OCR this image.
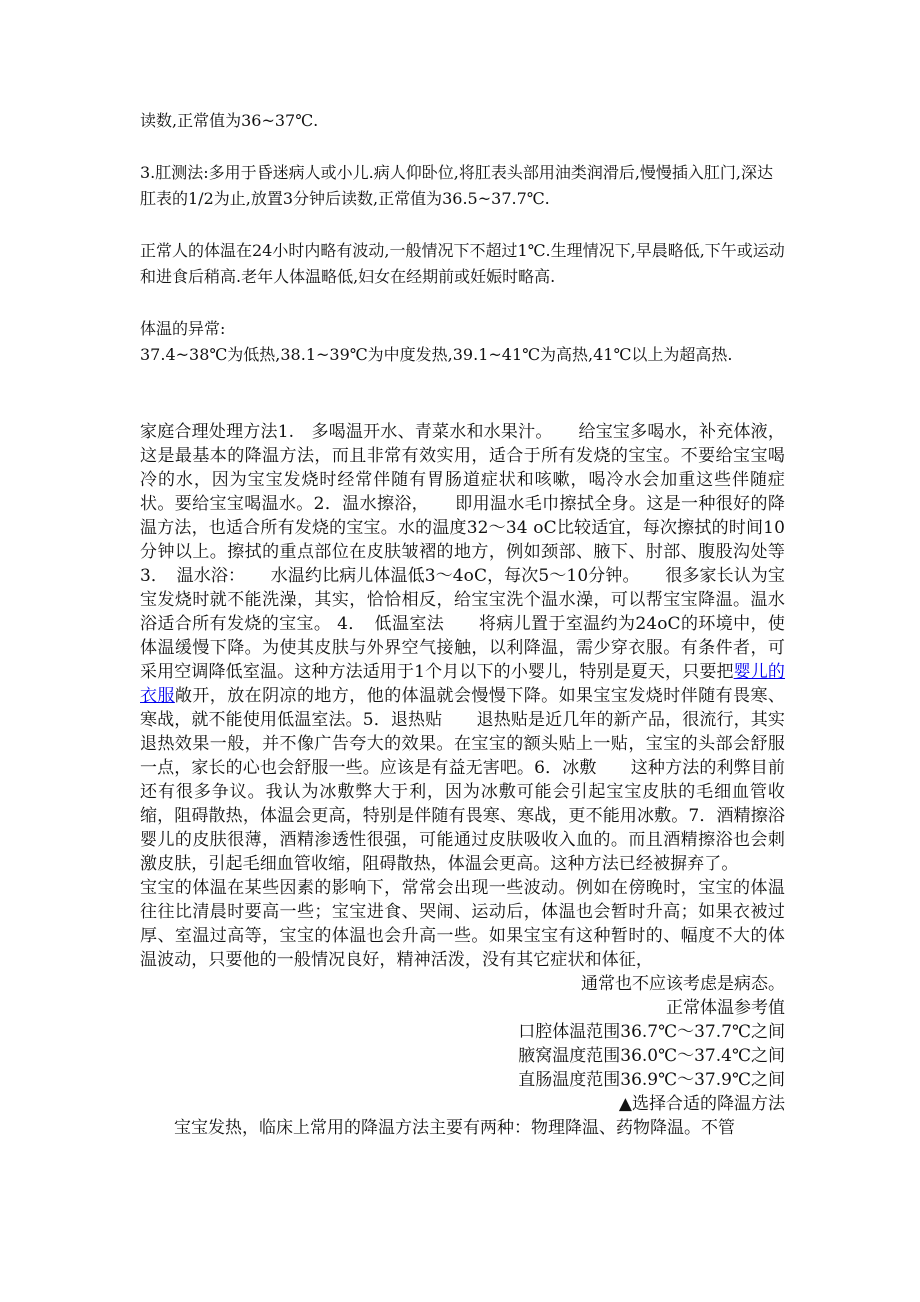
读数,正常值为36~37℃.

3.肛测法:多用于昏迷病人或小儿.病人仰卧位,将肛表头部用油类润滑后,慢慢插入肛门,深达肛表的1/2为止,放置3分钟后读数,正常值为36.5~37.7℃.

正常人的体温在24小时内略有波动,一般情况下不超过1℃.生理情况下,早晨略低,下午或运动和进食后稍高.老年人体温略低,妇女在经期前或妊娠时略高.

体温的异常:

37.4~38℃为低热,38.1~39℃为中度发热,39.1~41℃为高热,41℃以上为超高热.

家庭合理处理方法1.　多喝温开水、青菜水和水果汁。　　给宝宝多喝水，补充体液，这是最基本的降温方法，而且非常有效实用，适合于所有发烧的宝宝。不要给宝宝喝冷的水，因为宝宝发烧时经常伴随有胃肠道症状和咳嗽，喝冷水会加重这些伴随症状。要给宝宝喝温水。2．温水擦浴，　　即用温水毛巾擦拭全身。这是一种很好的降温方法，也适合所有发烧的宝宝。水的温度32～34 oC比较适宜，每次擦拭的时间10分钟以上。擦拭的重点部位在皮肤皱褶的地方，例如颈部、腋下、肘部、腹股沟处等 3．　温水浴：　　水温约比病儿体温低3～4oC，每次5～10分钟。　　很多家长认为宝宝发烧时就不能洗澡，其实，恰恰相反，给宝宝洗个温水澡，可以帮宝宝降温。温水浴适合所有发烧的宝宝。 4．　低温室法　　将病儿置于室温约为24oC的环境中，使体温缓慢下降。为使其皮肤与外界空气接触，以利降温，需少穿衣服。有条件者，可采用空调降低室温。这种方法适用于1个月以下的小婴儿，特别是夏天，只要把婴儿的衣服敞开，放在阴凉的地方，他的体温就会慢慢下降。如果宝宝发烧时伴随有畏寒、寒战，就不能使用低温室法。5．退热贴　　退热贴是近几年的新产品，很流行，其实退热效果一般，并不像广告夸大的效果。在宝宝的额头贴上一贴，宝宝的头部会舒服一点，家长的心也会舒服一些。应该是有益无害吧。6．冰敷　　这种方法的利弊目前还有很多争议。我认为冰敷弊大于利，因为冰敷可能会引起宝宝皮肤的毛细血管收缩，阻碍散热，体温会更高，特别是伴随有畏寒、寒战，更不能用冰敷。7．酒精擦浴　　婴儿的皮肤很薄，酒精渗透性很强，可能通过皮肤吸收入血的。而且酒精擦浴也会刺激皮肤，引起毛细血管收缩，阻碍散热，体温会更高。这种方法已经被摒弃了。

宝宝的体温在某些因素的影响下，常常会出现一些波动。例如在傍晚时，宝宝的体温往往比清晨时要高一些；宝宝进食、哭闹、运动后，体温也会暂时升高；如果衣被过厚、室温过高等，宝宝的体温也会升高一些。如果宝宝有这种暂时的、幅度不大的体温波动，只要他的一般情况良好，精神活泼，没有其它症状和体征，

通常也不应该考虑是病态。

正常体温参考值

口腔体温范围36.7℃～37.7℃之间

腋窝温度范围36.0℃～37.4℃之间

直肠温度范围36.9℃～37.9℃之间

▲选择合适的降温方法

宝宝发热，临床上常用的降温方法主要有两种：物理降温、药物降温。不管
